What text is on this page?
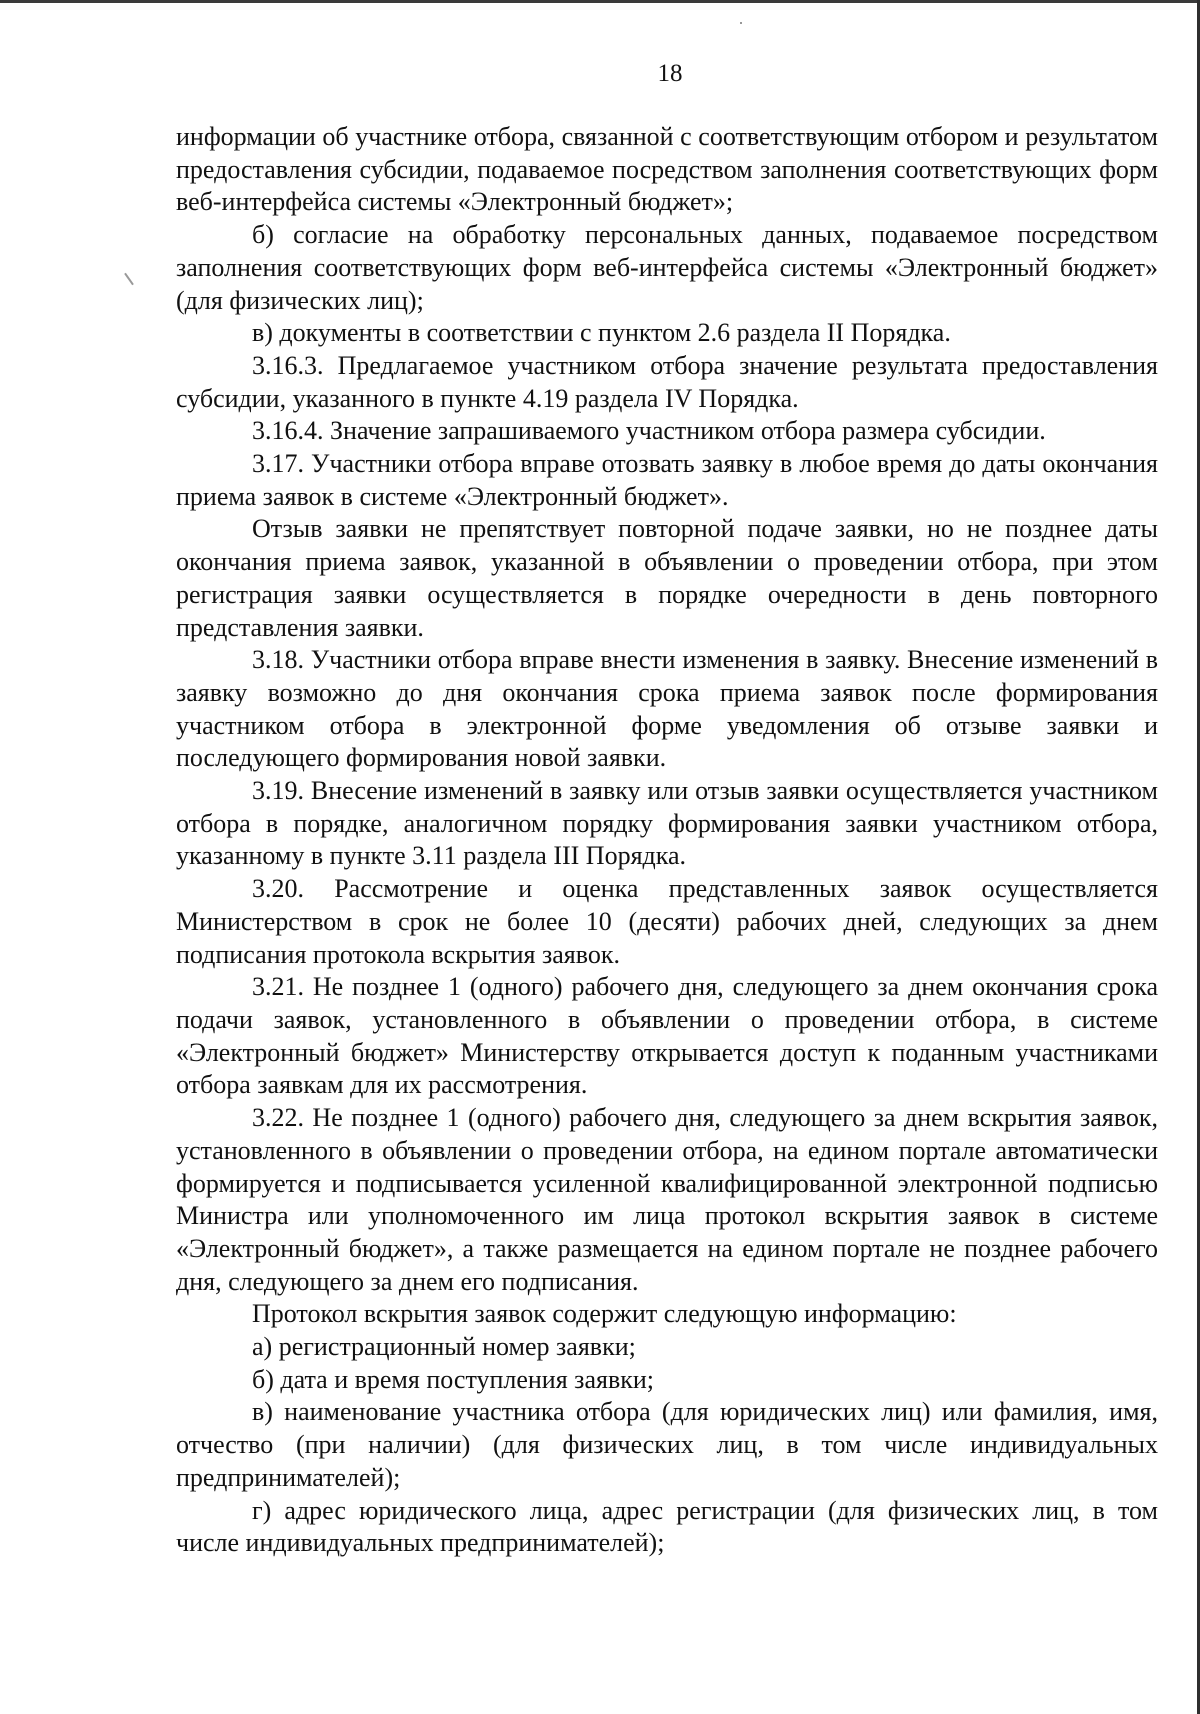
18

информации об участнике отбора, связанной с соответствующим отбором и результатом предоставления субсидии, подаваемое посредством заполнения соответствующих форм веб-интерфейса системы «Электронный бюджет»;

б) согласие на обработку персональных данных, подаваемое посредством заполнения соответствующих форм веб-интерфейса системы «Электронный бюджет» (для физических лиц);

в) документы в соответствии с пунктом 2.6 раздела II Порядка.

3.16.3. Предлагаемое участником отбора значение результата предоставления субсидии, указанного в пункте 4.19 раздела IV Порядка.

3.16.4. Значение запрашиваемого участником отбора размера субсидии.

3.17. Участники отбора вправе отозвать заявку в любое время до даты окончания приема заявок в системе «Электронный бюджет».

Отзыв заявки не препятствует повторной подаче заявки, но не позднее даты окончания приема заявок, указанной в объявлении о проведении отбора, при этом регистрация заявки осуществляется в порядке очередности в день повторного представления заявки.

3.18. Участники отбора вправе внести изменения в заявку. Внесение изменений в заявку возможно до дня окончания срока приема заявок после формирования участником отбора в электронной форме уведомления об отзыве заявки и последующего формирования новой заявки.

3.19. Внесение изменений в заявку или отзыв заявки осуществляется участником отбора в порядке, аналогичном порядку формирования заявки участником отбора, указанному в пункте 3.11 раздела III Порядка.

3.20. Рассмотрение и оценка представленных заявок осуществляется Министерством в срок не более 10 (десяти) рабочих дней, следующих за днем подписания протокола вскрытия заявок.

3.21. Не позднее 1 (одного) рабочего дня, следующего за днем окончания срока подачи заявок, установленного в объявлении о проведении отбора, в системе «Электронный бюджет» Министерству открывается доступ к поданным участниками отбора заявкам для их рассмотрения.

3.22. Не позднее 1 (одного) рабочего дня, следующего за днем вскрытия заявок, установленного в объявлении о проведении отбора, на едином портале автоматически формируется и подписывается усиленной квалифицированной электронной подписью Министра или уполномоченного им лица протокол вскрытия заявок в системе «Электронный бюджет», а также размещается на едином портале не позднее рабочего дня, следующего за днем его подписания.

Протокол вскрытия заявок содержит следующую информацию:

а) регистрационный номер заявки;

б) дата и время поступления заявки;

в) наименование участника отбора (для юридических лиц) или фамилия, имя, отчество (при наличии) (для физических лиц, в том числе индивидуальных предпринимателей);

г) адрес юридического лица, адрес регистрации (для физических лиц, в том числе индивидуальных предпринимателей);
